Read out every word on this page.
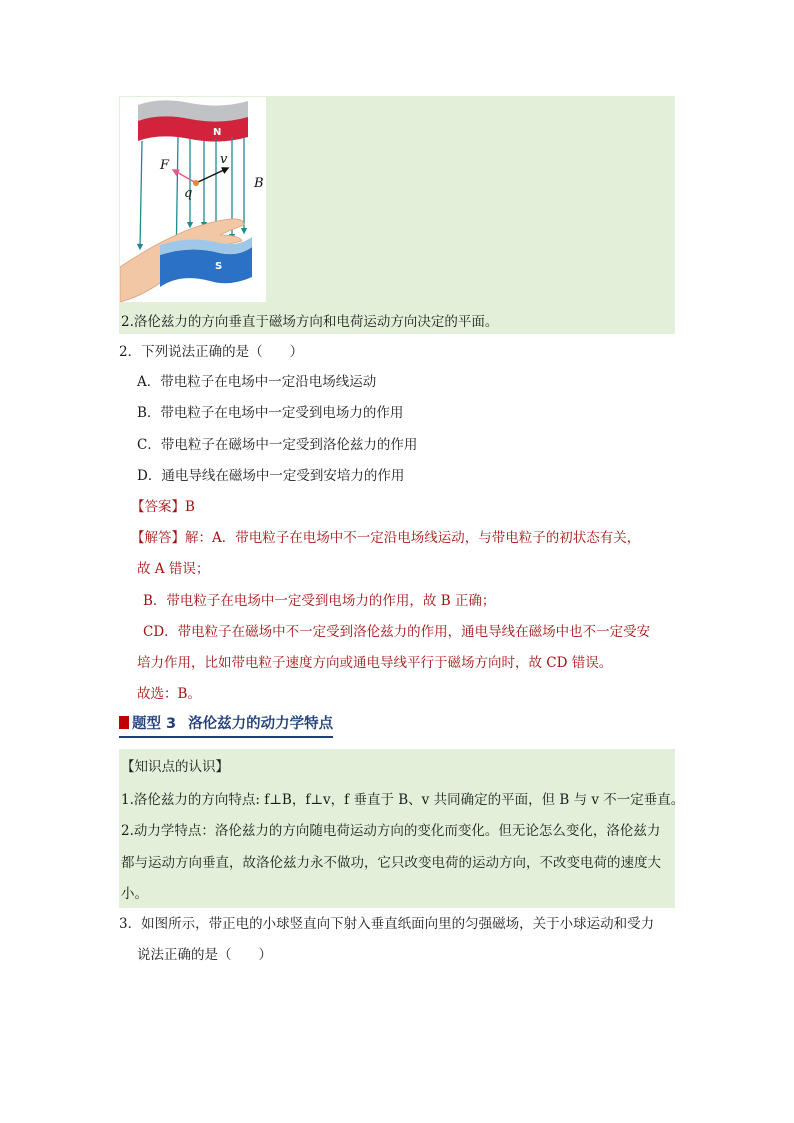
N
S
F	v
q
B
2.洛伦兹力的方向垂直于磁场方向和电荷运动方向决定的平面。
2．下列说法正确的是（　　）
A．带电粒子在电场中一定沿电场线运动
B．带电粒子在电场中一定受到电场力的作用
C．带电粒子在磁场中一定受到洛伦兹力的作用
D．通电导线在磁场中一定受到安培力的作用
【答案】B
【解答】解：A．带电粒子在电场中不一定沿电场线运动，与带电粒子的初状态有关，
故 A 错误；
B．带电粒子在电场中一定受到电场力的作用，故 B 正确；
CD．带电粒子在磁场中不一定受到洛伦兹力的作用，通电导线在磁场中也不一定受安
培力作用，比如带电粒子速度方向或通电导线平行于磁场方向时，故 CD 错误。
故选：B。
题型 3 洛伦兹力的动力学特点
【知识点的认识】
1.洛伦兹力的方向特点: f⊥B，f⊥v，f 垂直于 B、v 共同确定的平面，但 B 与 v 不一定垂直。
2.动力学特点：洛伦兹力的方向随电荷运动方向的变化而变化。但无论怎么变化，洛伦兹力
都与运动方向垂直，故洛伦兹力永不做功，它只改变电荷的运动方向，不改变电荷的速度大
小。
3．如图所示，带正电的小球竖直向下射入垂直纸面向里的匀强磁场，关于小球运动和受力
说法正确的是（　　）
